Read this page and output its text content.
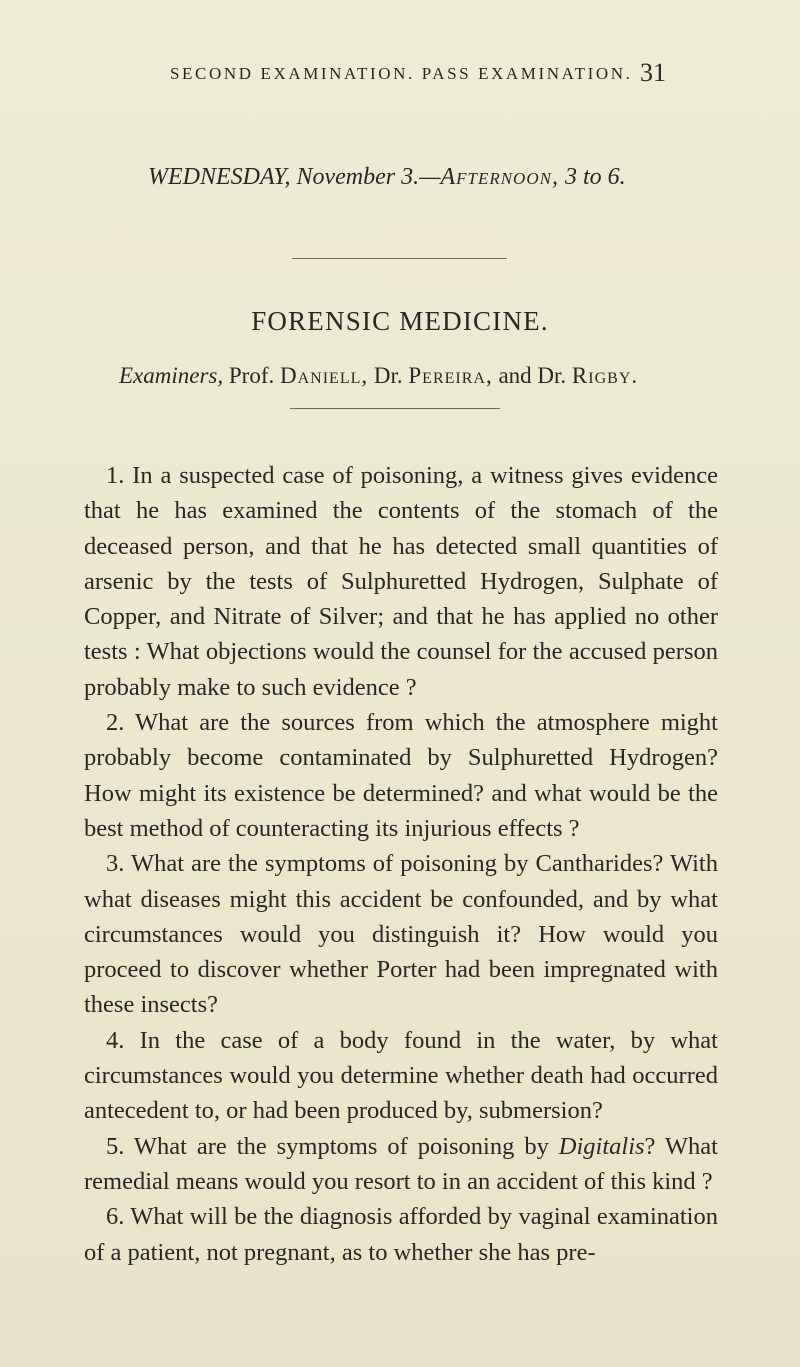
SECOND EXAMINATION. PASS EXAMINATION. 31
WEDNESDAY, November 3.—Afternoon, 3 to 6.
FORENSIC MEDICINE.
Examiners, Prof. Daniell, Dr. Pereira, and Dr. Rigby.

1. In a suspected case of poisoning, a witness gives evidence that he has examined the contents of the stomach of the deceased person, and that he has detected small quantities of arsenic by the tests of Sulphuretted Hydrogen, Sulphate of Copper, and Nitrate of Silver; and that he has applied no other tests : What objections would the counsel for the accused person probably make to such evidence ?

2. What are the sources from which the atmosphere might probably become contaminated by Sulphuretted Hydrogen? How might its existence be determined? and what would be the best method of counteracting its injurious effects ?

3. What are the symptoms of poisoning by Cantharides? With what diseases might this accident be confounded, and by what circumstances would you distinguish it? How would you proceed to discover whether Porter had been impregnated with these insects?

4. In the case of a body found in the water, by what circumstances would you determine whether death had occurred antecedent to, or had been produced by, submersion?

5. What are the symptoms of poisoning by Digitalis? What remedial means would you resort to in an accident of this kind ?

6. What will be the diagnosis afforded by vaginal examination of a patient, not pregnant, as to whether she has pre-
